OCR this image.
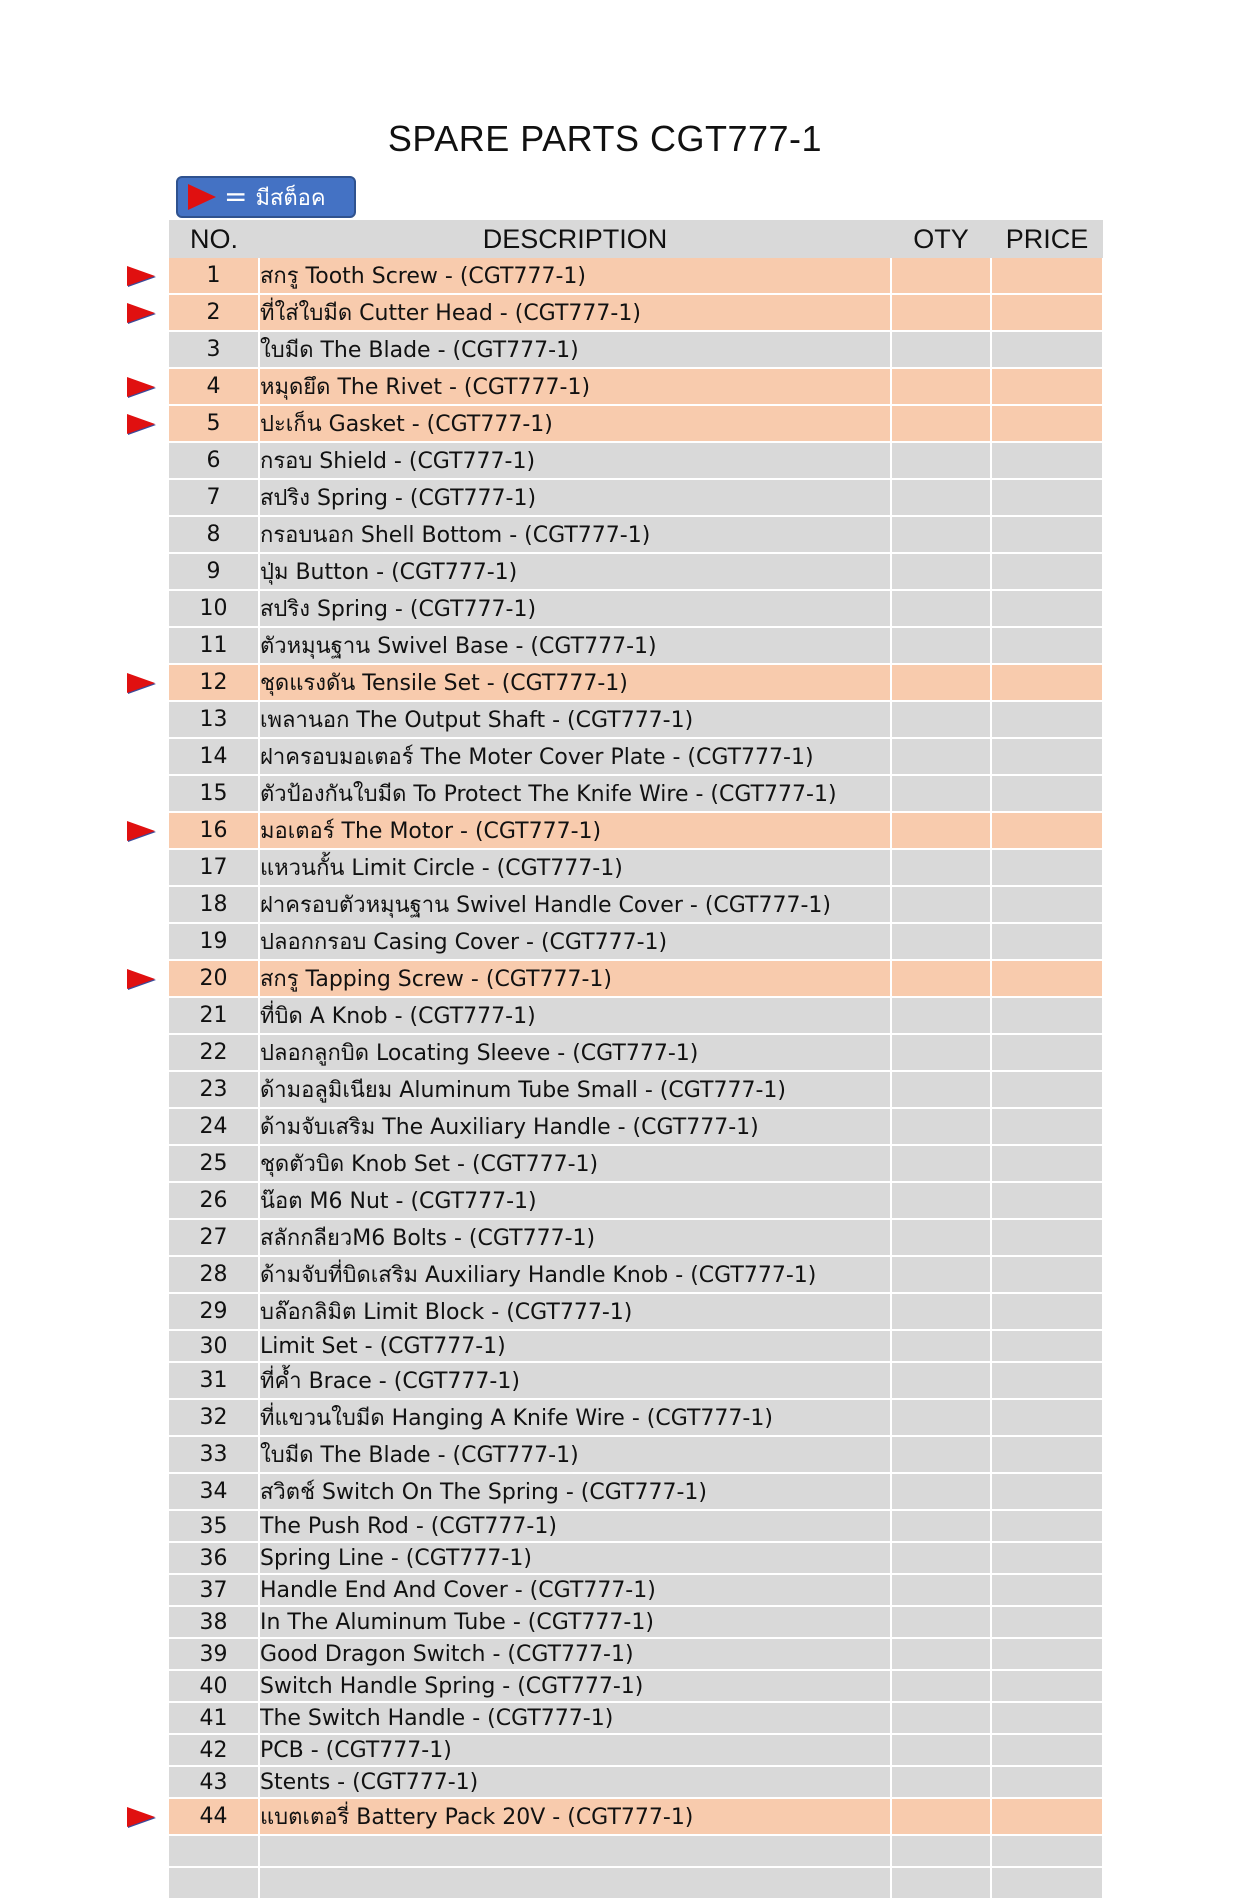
SPARE PARTS CGT777-1
= มีสต็อค
NO.	DESCRIPTION	OTY	PRICE
1	สกรู Tooth Screw - (CGT777-1)		
2	ที่ใส่ใบมีด Cutter Head - (CGT777-1)		
3	ใบมีด The Blade - (CGT777-1)		
4	หมุดยึด The Rivet - (CGT777-1)		
5	ปะเก็น Gasket - (CGT777-1)		
6	กรอบ Shield - (CGT777-1)		
7	สปริง Spring - (CGT777-1)		
8	กรอบนอก Shell Bottom - (CGT777-1)		
9	ปุ่ม Button - (CGT777-1)		
10	สปริง Spring - (CGT777-1)		
11	ตัวหมุนฐาน Swivel Base - (CGT777-1)		
12	ชุดแรงดัน Tensile Set - (CGT777-1)		
13	เพลานอก The Output Shaft - (CGT777-1)		
14	ฝาครอบมอเตอร์ The Moter Cover Plate - (CGT777-1)		
15	ตัวป้องกันใบมีด To Protect The Knife Wire - (CGT777-1)		
16	มอเตอร์ The Motor - (CGT777-1)		
17	แหวนกั้น Limit Circle - (CGT777-1)		
18	ฝาครอบตัวหมุนฐาน Swivel Handle Cover - (CGT777-1)		
19	ปลอกกรอบ Casing Cover - (CGT777-1)		
20	สกรู Tapping Screw - (CGT777-1)		
21	ที่บิด A Knob - (CGT777-1)		
22	ปลอกลูกบิด Locating Sleeve - (CGT777-1)		
23	ด้ามอลูมิเนียม Aluminum Tube Small - (CGT777-1)		
24	ด้ามจับเสริม The Auxiliary Handle - (CGT777-1)		
25	ชุดตัวบิด Knob Set - (CGT777-1)		
26	น๊อต M6 Nut - (CGT777-1)		
27	สลักกลียวM6 Bolts - (CGT777-1)		
28	ด้ามจับที่บิดเสริม Auxiliary Handle Knob - (CGT777-1)		
29	บล๊อกลิมิต Limit Block - (CGT777-1)		
30	Limit Set - (CGT777-1)		
31	ที่ค้ำ Brace - (CGT777-1)		
32	ที่แขวนใบมีด Hanging A Knife Wire - (CGT777-1)		
33	ใบมีด The Blade - (CGT777-1)		
34	สวิตช์ Switch On The Spring - (CGT777-1)		
35	The Push Rod - (CGT777-1)		
36	Spring Line - (CGT777-1)		
37	Handle End And Cover - (CGT777-1)		
38	In The Aluminum Tube - (CGT777-1)		
39	Good Dragon Switch - (CGT777-1)		
40	Switch Handle Spring - (CGT777-1)		
41	The Switch Handle - (CGT777-1)		
42	PCB - (CGT777-1)		
43	Stents - (CGT777-1)		
44	แบตเตอรี่ Battery Pack 20V - (CGT777-1)		
